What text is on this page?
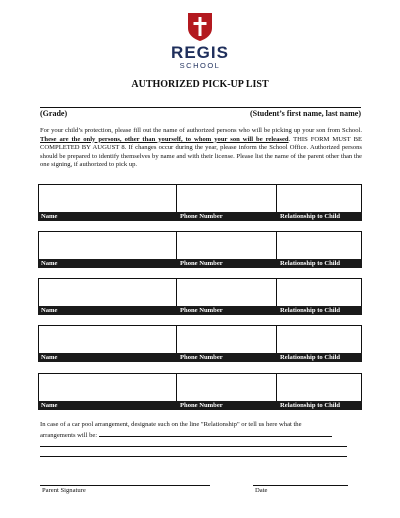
REGIS
SCHOOL
AUTHORIZED PICK-UP LIST
(Grade)	(Student’s first name, last name)
For your child’s protection, please fill out the name of authorized persons who will be picking up your son from School. These are the only persons, other than yourself, to whom your son will be released. THIS FORM MUST BE COMPLETED BY AUGUST 8. If changes occur during the year, please inform the School Office. Authorized persons should be prepared to identify themselves by name and with their license. Please list the name of the parent other than the one signing, if authorized to pick up.
Name	Phone Number	Relationship to Child
Name	Phone Number	Relationship to Child
Name	Phone Number	Relationship to Child
Name	Phone Number	Relationship to Child
Name	Phone Number	Relationship to Child
In case of a car pool arrangement, designate such on the line "Relationship" or tell us here what the
arrangements will be:
Parent Signature	Date
